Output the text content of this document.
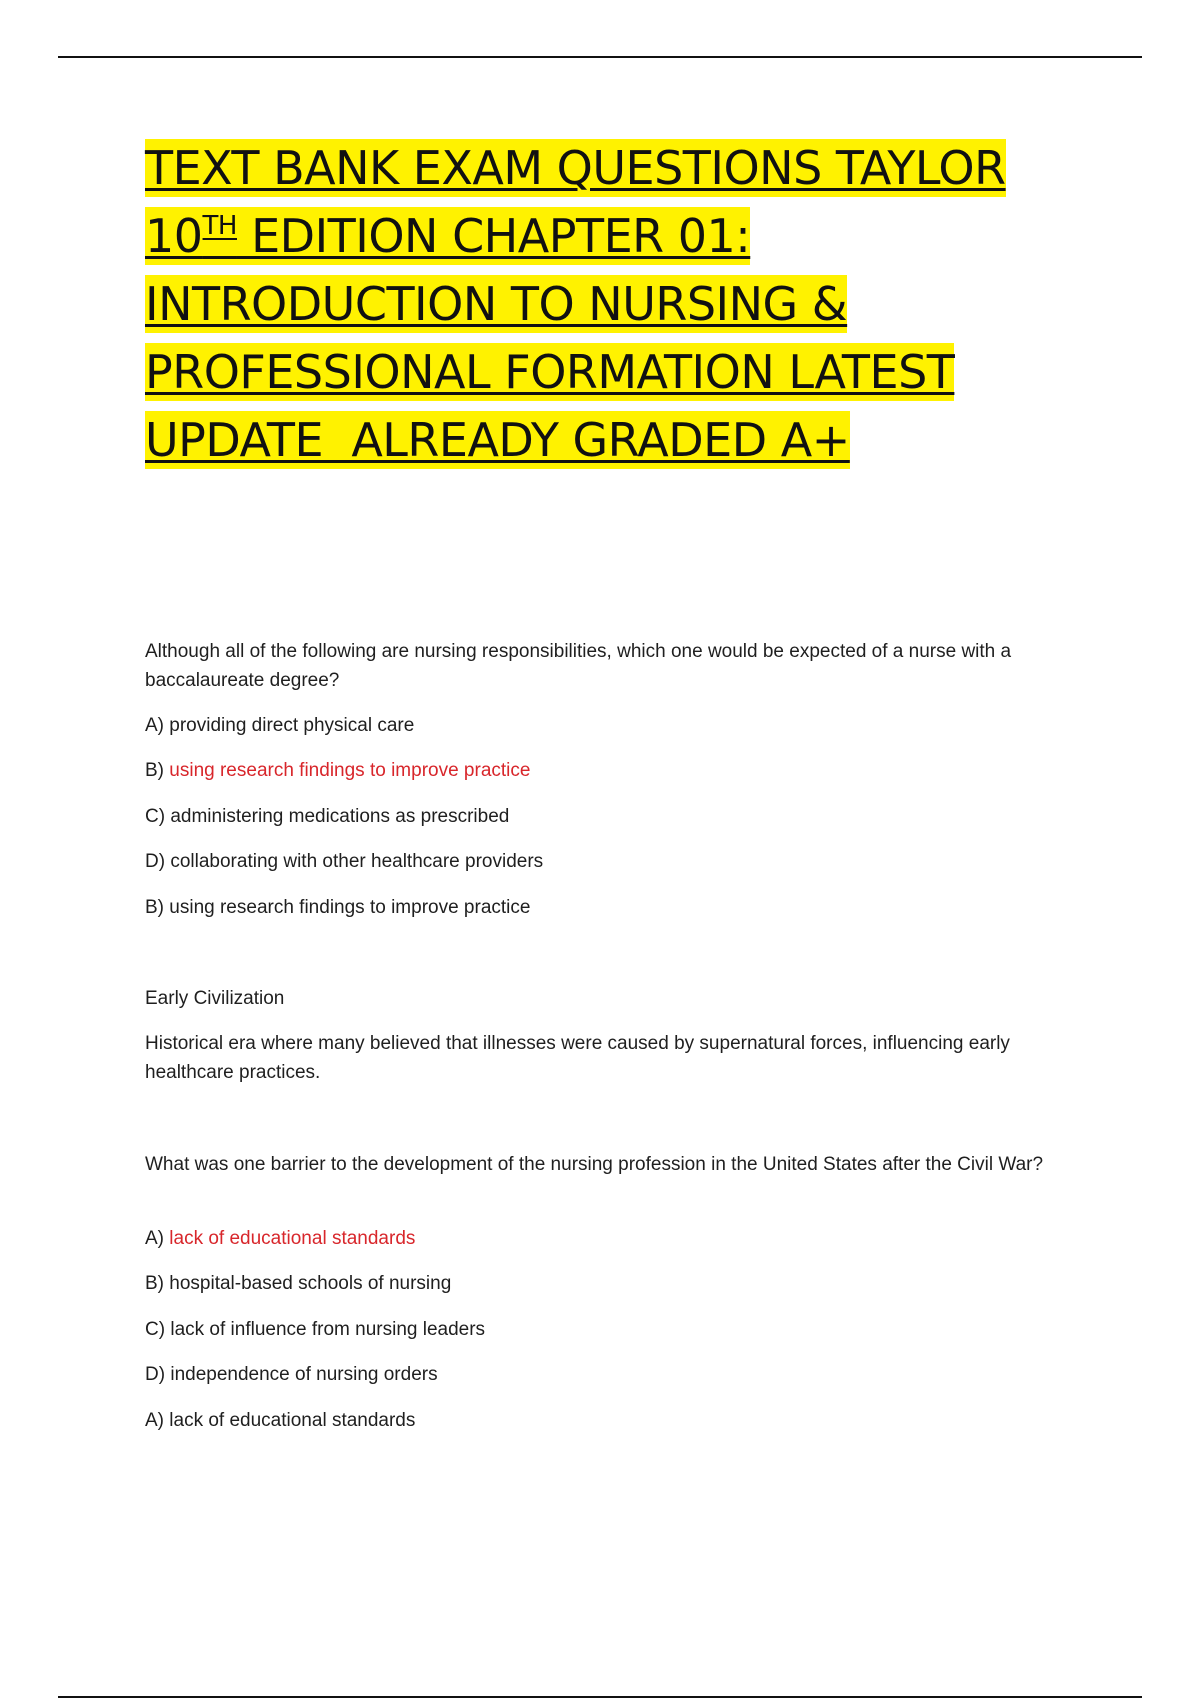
TEXT BANK EXAM QUESTIONS TAYLOR
10TH EDITION CHAPTER 01:
INTRODUCTION TO NURSING &
PROFESSIONAL FORMATION LATEST
UPDATE  ALREADY GRADED A+

Although all of the following are nursing responsibilities, which one would be expected of a nurse with a baccalaureate degree?

A) providing direct physical care

B) using research findings to improve practice

C) administering medications as prescribed

D) collaborating with other healthcare providers

B) using research findings to improve practice

Early Civilization

Historical era where many believed that illnesses were caused by supernatural forces, influencing early healthcare practices.

What was one barrier to the development of the nursing profession in the United States after the Civil War?

A) lack of educational standards

B) hospital-based schools of nursing

C) lack of influence from nursing leaders

D) independence of nursing orders

A) lack of educational standards
